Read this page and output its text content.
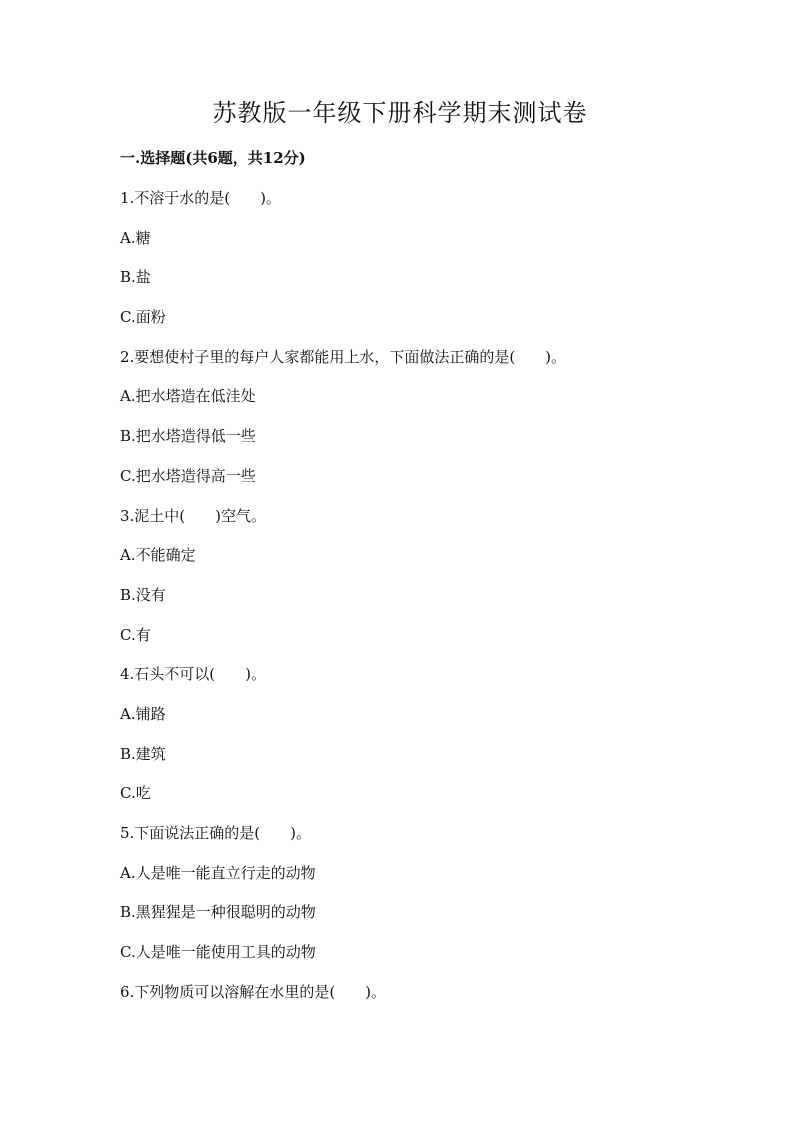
苏教版一年级下册科学期末测试卷
一.选择题(共6题，共12分)
1.不溶于水的是(　　)。
A.糖
B.盐
C.面粉
2.要想使村子里的每户人家都能用上水，下面做法正确的是(　　)。
A.把水塔造在低洼处
B.把水塔造得低一些
C.把水塔造得高一些
3.泥土中(　　)空气。
A.不能确定
B.没有
C.有
4.石头不可以(　　)。
A.铺路
B.建筑
C.吃
5.下面说法正确的是(　　)。
A.人是唯一能直立行走的动物
B.黑猩猩是一种很聪明的动物
C.人是唯一能使用工具的动物
6.下列物质可以溶解在水里的是(　　)。
